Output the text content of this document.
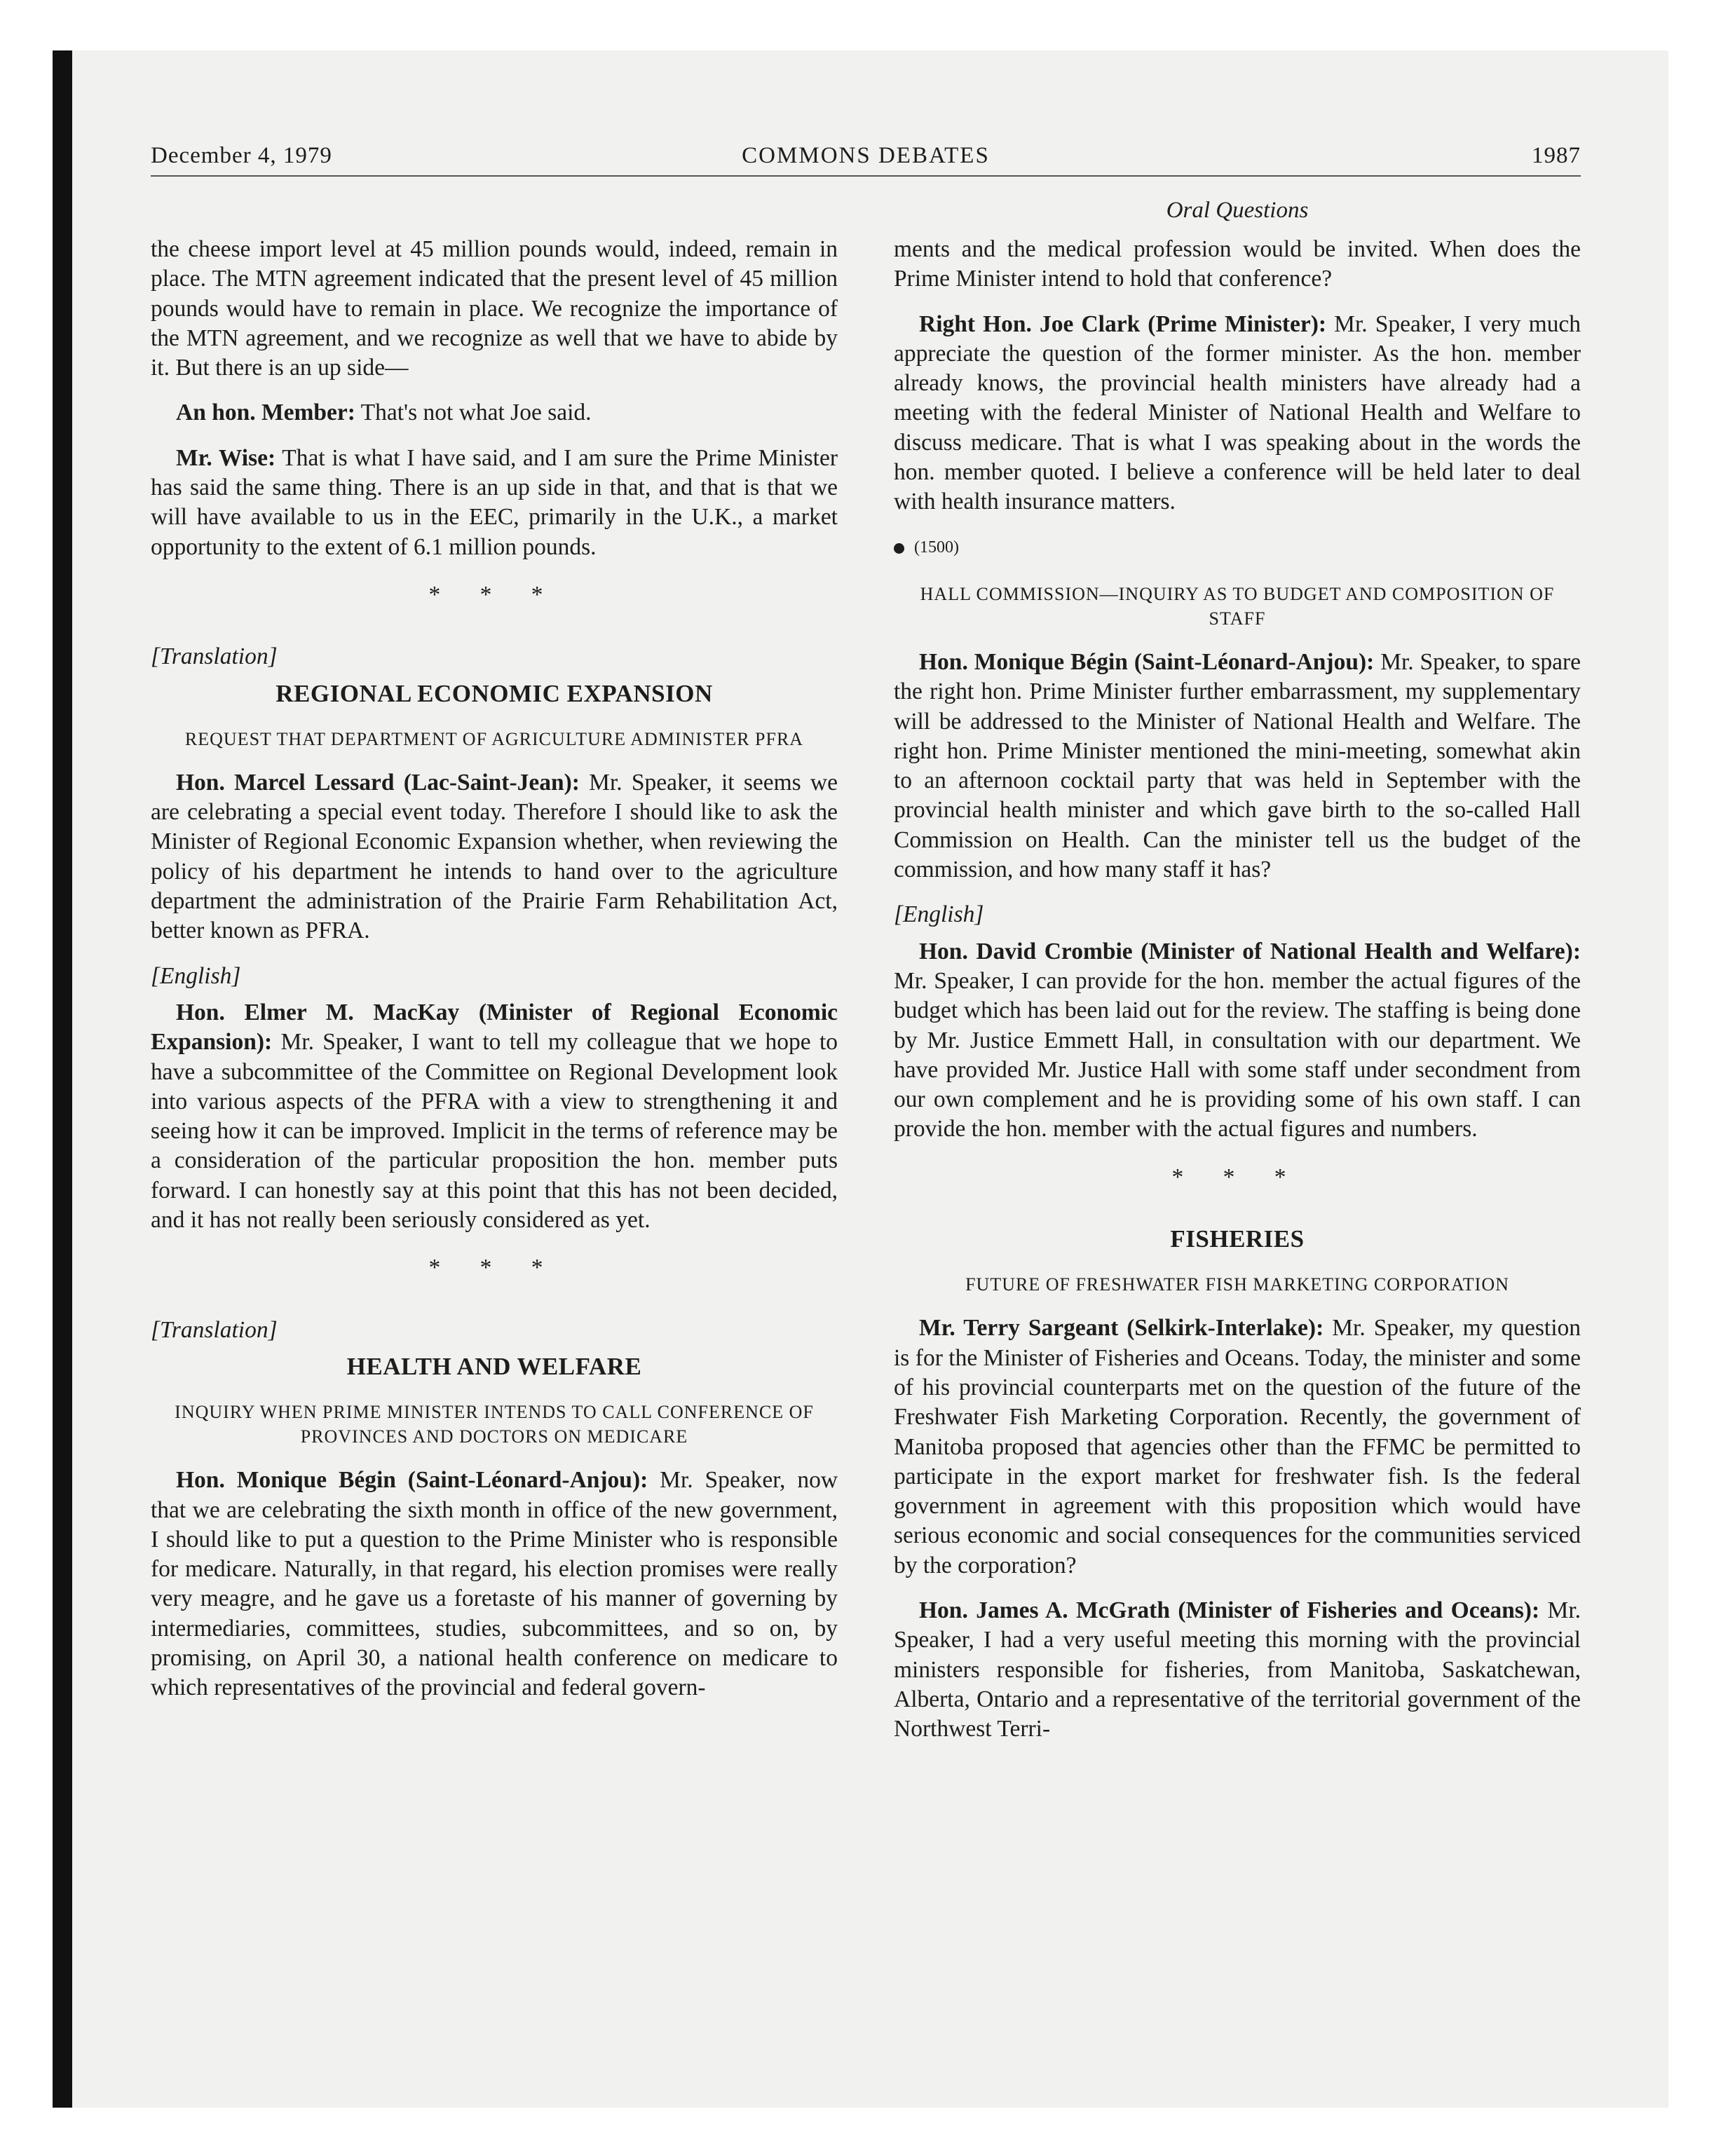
December 4, 1979	COMMONS DEBATES	1987
Oral Questions

the cheese import level at 45 million pounds would, indeed, remain in place. The MTN agreement indicated that the present level of 45 million pounds would have to remain in place. We recognize the importance of the MTN agreement, and we recognize as well that we have to abide by it. But there is an up side—

An hon. Member: That's not what Joe said.

Mr. Wise: That is what I have said, and I am sure the Prime Minister has said the same thing. There is an up side in that, and that is that we will have available to us in the EEC, primarily in the U.K., a market opportunity to the extent of 6.1 million pounds.

* * *

[Translation]

REGIONAL ECONOMIC EXPANSION
REQUEST THAT DEPARTMENT OF AGRICULTURE ADMINISTER PFRA

Hon. Marcel Lessard (Lac-Saint-Jean): Mr. Speaker, it seems we are celebrating a special event today. Therefore I should like to ask the Minister of Regional Economic Expansion whether, when reviewing the policy of his department he intends to hand over to the agriculture department the administration of the Prairie Farm Rehabilitation Act, better known as PFRA.

[English]

Hon. Elmer M. MacKay (Minister of Regional Economic Expansion): Mr. Speaker, I want to tell my colleague that we hope to have a subcommittee of the Committee on Regional Development look into various aspects of the PFRA with a view to strengthening it and seeing how it can be improved. Implicit in the terms of reference may be a consideration of the particular proposition the hon. member puts forward. I can honestly say at this point that this has not been decided, and it has not really been seriously considered as yet.

* * *

[Translation]

HEALTH AND WELFARE
INQUIRY WHEN PRIME MINISTER INTENDS TO CALL CONFERENCE OF PROVINCES AND DOCTORS ON MEDICARE

Hon. Monique Bégin (Saint-Léonard-Anjou): Mr. Speaker, now that we are celebrating the sixth month in office of the new government, I should like to put a question to the Prime Minister who is responsible for medicare. Naturally, in that regard, his election promises were really very meagre, and he gave us a foretaste of his manner of governing by intermediaries, committees, studies, subcommittees, and so on, by promising, on April 30, a national health conference on medicare to which representatives of the provincial and federal govern-

ments and the medical profession would be invited. When does the Prime Minister intend to hold that conference?

Right Hon. Joe Clark (Prime Minister): Mr. Speaker, I very much appreciate the question of the former minister. As the hon. member already knows, the provincial health ministers have already had a meeting with the federal Minister of National Health and Welfare to discuss medicare. That is what I was speaking about in the words the hon. member quoted. I believe a conference will be held later to deal with health insurance matters.

(1500)

HALL COMMISSION—INQUIRY AS TO BUDGET AND COMPOSITION OF STAFF

Hon. Monique Bégin (Saint-Léonard-Anjou): Mr. Speaker, to spare the right hon. Prime Minister further embarrassment, my supplementary will be addressed to the Minister of National Health and Welfare. The right hon. Prime Minister mentioned the mini-meeting, somewhat akin to an afternoon cocktail party that was held in September with the provincial health minister and which gave birth to the so-called Hall Commission on Health. Can the minister tell us the budget of the commission, and how many staff it has?

[English]

Hon. David Crombie (Minister of National Health and Welfare): Mr. Speaker, I can provide for the hon. member the actual figures of the budget which has been laid out for the review. The staffing is being done by Mr. Justice Emmett Hall, in consultation with our department. We have provided Mr. Justice Hall with some staff under secondment from our own complement and he is providing some of his own staff. I can provide the hon. member with the actual figures and numbers.

* * *
FISHERIES
FUTURE OF FRESHWATER FISH MARKETING CORPORATION

Mr. Terry Sargeant (Selkirk-Interlake): Mr. Speaker, my question is for the Minister of Fisheries and Oceans. Today, the minister and some of his provincial counterparts met on the question of the future of the Freshwater Fish Marketing Corporation. Recently, the government of Manitoba proposed that agencies other than the FFMC be permitted to participate in the export market for freshwater fish. Is the federal government in agreement with this proposition which would have serious economic and social consequences for the communities serviced by the corporation?

Hon. James A. McGrath (Minister of Fisheries and Oceans): Mr. Speaker, I had a very useful meeting this morning with the provincial ministers responsible for fisheries, from Manitoba, Saskatchewan, Alberta, Ontario and a representative of the territorial government of the Northwest Terri-
